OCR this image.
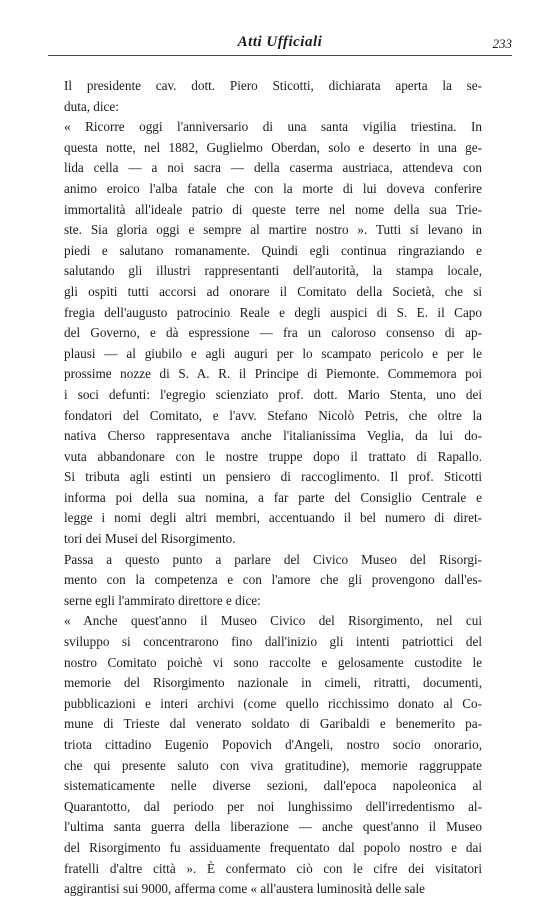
Atti Ufficiali	233
Il presidente cav. dott. Piero Sticotti, dichiarata aperta la se-
duta, dice:
« Ricorre oggi l'anniversario di una santa vigilia triestina. In
questa notte, nel 1882, Guglielmo Oberdan, solo e deserto in una ge-
lida cella — a noi sacra — della caserma austriaca, attendeva con
animo eroico l'alba fatale che con la morte di lui doveva conferire
immortalità all'ideale patrio di queste terre nel nome della sua Trie-
ste. Sia gloria oggi e sempre al martire nostro ». Tutti si levano in
piedi e salutano romanamente. Quindi egli continua ringraziando e
salutando gli illustri rappresentanti dell'autorità, la stampa locale,
gli ospiti tutti accorsi ad onorare il Comitato della Società, che si
fregia dell'augusto patrocinio Reale e degli auspici di S. E. il Capo
del Governo, e dà espressione — fra un caloroso consenso di ap-
plausi — al giubilo e agli auguri per lo scampato pericolo e per le
prossime nozze di S. A. R. il Principe di Piemonte. Commemora poi
i soci defunti: l'egregio scienziato prof. dott. Mario Stenta, uno dei
fondatori del Comitato, e l'avv. Stefano Nicolò Petris, che oltre la
nativa Cherso rappresentava anche l'italianissima Veglia, da lui do-
vuta abbandonare con le nostre truppe dopo il trattato di Rapallo.
Si tributa agli estinti un pensiero di raccoglimento. Il prof. Sticotti
informa poi della sua nomina, a far parte del Consiglio Centrale e
legge i nomi degli altri membri, accentuando il bel numero di diret-
tori dei Musei del Risorgimento.
Passa a questo punto a parlare del Civico Museo del Risorgi-
mento con la competenza e con l'amore che gli provengono dall'es-
serne egli l'ammirato direttore e dice:
« Anche quest'anno il Museo Civico del Risorgimento, nel cui
sviluppo si concentrarono fino dall'inizio gli intenti patriottici del
nostro Comitato poichè vi sono raccolte e gelosamente custodite le
memorie del Risorgimento nazionale in cimeli, ritratti, documenti,
pubblicazioni e interi archivi (come quello ricchissimo donato al Co-
mune di Trieste dal venerato soldato di Garibaldi e benemerito pa-
triota cittadino Eugenio Popovich d'Angeli, nostro socio onorario,
che qui presente saluto con viva gratitudine), memorie raggruppate
sistematicamente nelle diverse sezioni, dall'epoca napoleonica al
Quarantotto, dal periodo per noi lunghissimo dell'irredentismo al-
l'ultima santa guerra della liberazione — anche quest'anno il Museo
del Risorgimento fu assiduamente frequentato dal popolo nostro e dai
fratelli d'altre città ». È confermato ciò con le cifre dei visitatori
aggirantisi sui 9000, afferma come « all'austera luminosità delle sale
